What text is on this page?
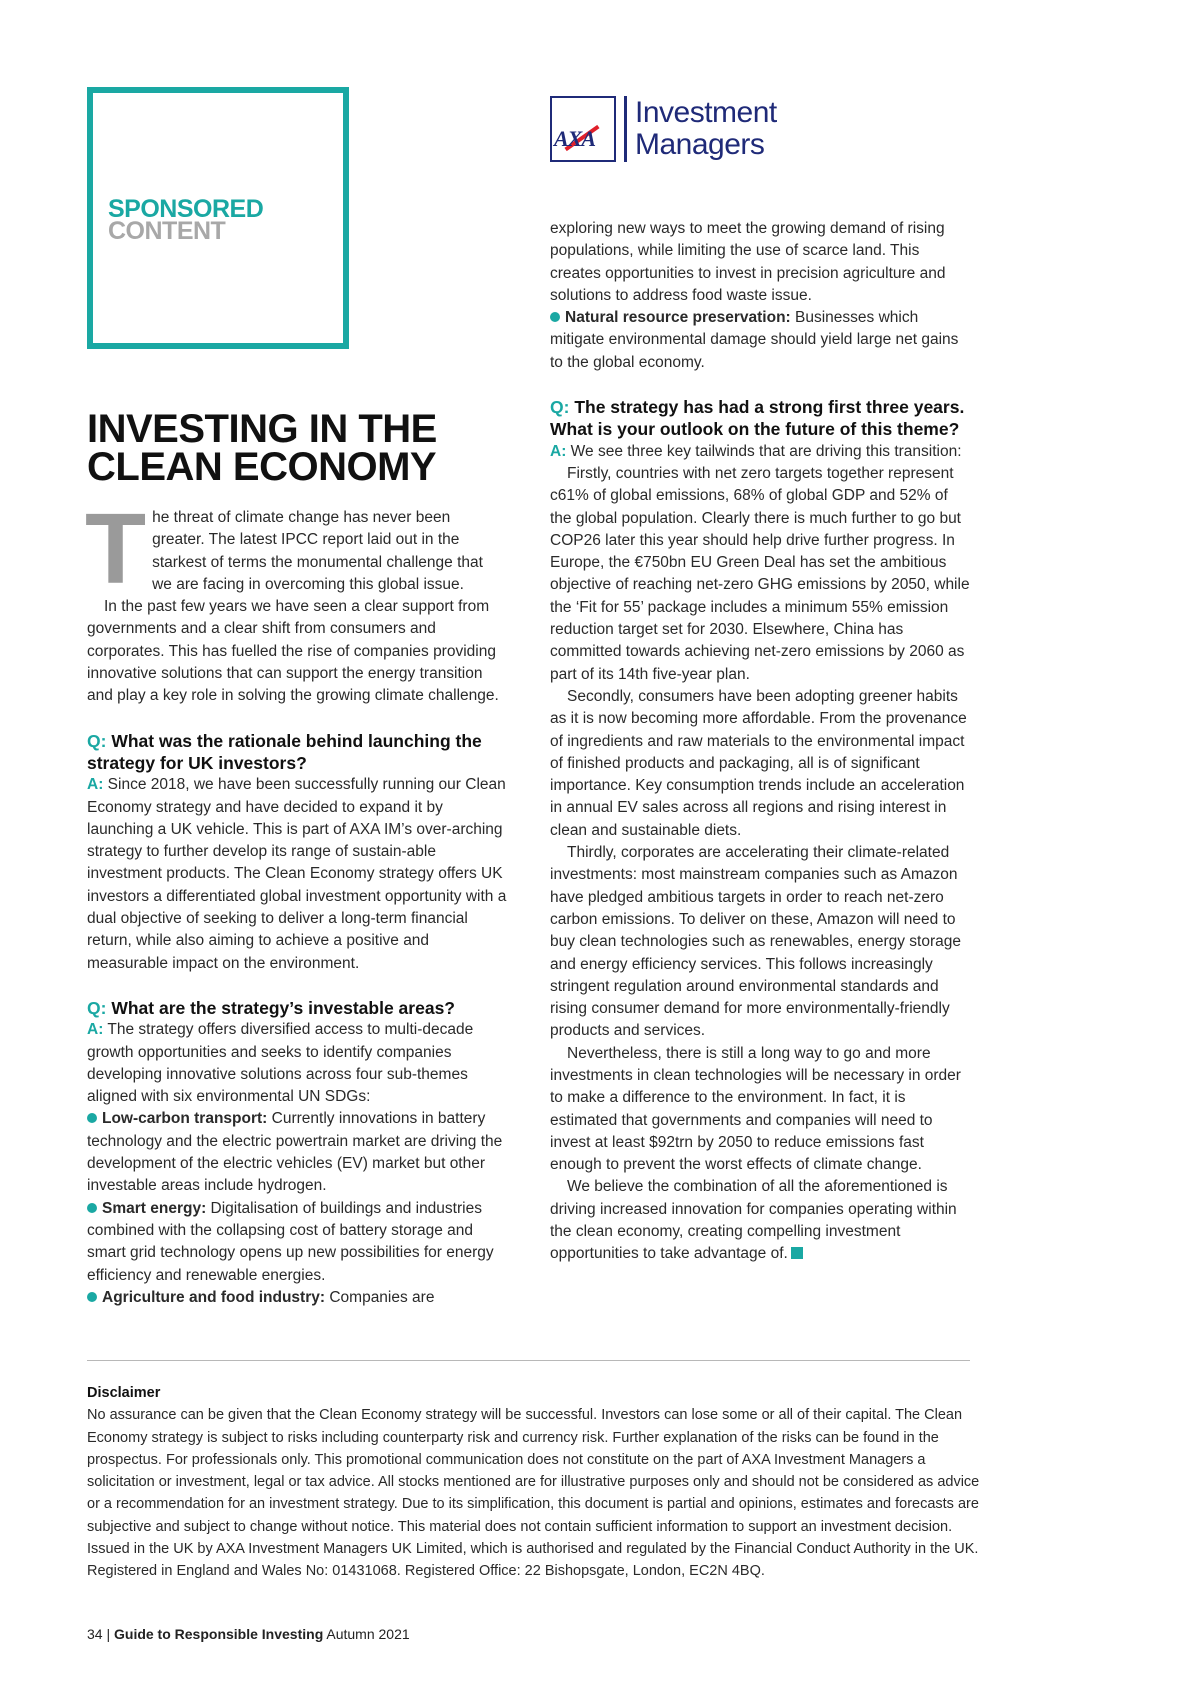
SPONSORED
CONTENT
AXA
Investment
Managers
INVESTING IN THE
CLEAN ECONOMY

The threat of climate change has never been greater. The latest IPCC report laid out in the starkest of terms the monumental challenge that we are facing in overcoming this global issue.

In the past few years we have seen a clear support from governments and a clear shift from consumers and corporates. This has fuelled the rise of companies providing innovative solutions that can support the energy transition and play a key role in solving the growing climate challenge.

Q: What was the rationale behind launching the strategy for UK investors?

A: Since 2018, we have been successfully running our Clean Economy strategy and have decided to expand it by launching a UK vehicle. This is part of AXA IM’s over-arching strategy to further develop its range of sustain-able investment products. The Clean Economy strategy offers UK investors a differentiated global investment opportunity with a dual objective of seeking to deliver a long-term financial return, while also aiming to achieve a positive and measurable impact on the environment.

Q: What are the strategy’s investable areas?

A: The strategy offers diversified access to multi-decade growth opportunities and seeks to identify companies developing innovative solutions across four sub-themes aligned with six environmental UN SDGs:

Low-carbon transport: Currently innovations in battery technology and the electric powertrain market are driving the development of the electric vehicles (EV) market but other investable areas include hydrogen.

Smart energy: Digitalisation of buildings and industries combined with the collapsing cost of battery storage and smart grid technology opens up new possibilities for energy efficiency and renewable energies.

Agriculture and food industry: Companies are

exploring new ways to meet the growing demand of rising populations, while limiting the use of scarce land. This creates opportunities to invest in precision agriculture and solutions to address food waste issue.

Natural resource preservation: Businesses which mitigate environmental damage should yield large net gains to the global economy.

Q: The strategy has had a strong first three years. What is your outlook on the future of this theme?

A: We see three key tailwinds that are driving this transition:

Firstly, countries with net zero targets together represent c61% of global emissions, 68% of global GDP and 52% of the global population. Clearly there is much further to go but COP26 later this year should help drive further progress. In Europe, the €750bn EU Green Deal has set the ambitious objective of reaching net-zero GHG emissions by 2050, while the ‘Fit for 55’ package includes a minimum 55% emission reduction target set for 2030. Elsewhere, China has committed towards achieving net-zero emissions by 2060 as part of its 14th five-year plan.

Secondly, consumers have been adopting greener habits as it is now becoming more affordable. From the provenance of ingredients and raw materials to the environmental impact of finished products and packaging, all is of significant importance. Key consumption trends include an acceleration in annual EV sales across all regions and rising interest in clean and sustainable diets.

Thirdly, corporates are accelerating their climate-related investments: most mainstream companies such as Amazon have pledged ambitious targets in order to reach net-zero carbon emissions. To deliver on these, Amazon will need to buy clean technologies such as renewables, energy storage and energy efficiency services. This follows increasingly stringent regulation around environmental standards and rising consumer demand for more environmentally-friendly products and services.

Nevertheless, there is still a long way to go and more investments in clean technologies will be necessary in order to make a difference to the environment. In fact, it is estimated that governments and companies will need to invest at least $92trn by 2050 to reduce emissions fast enough to prevent the worst effects of climate change.

We believe the combination of all the aforementioned is driving increased innovation for companies operating within the clean economy, creating compelling investment opportunities to take advantage of.

Disclaimer
No assurance can be given that the Clean Economy strategy will be successful. Investors can lose some or all of their capital. The Clean Economy strategy is subject to risks including counterparty risk and currency risk. Further explanation of the risks can be found in the prospectus. For professionals only. This promotional communication does not constitute on the part of AXA Investment Managers a solicitation or investment, legal or tax advice. All stocks mentioned are for illustrative purposes only and should not be considered as advice or a recommendation for an investment strategy. Due to its simplification, this document is partial and opinions, estimates and forecasts are subjective and subject to change without notice. This material does not contain sufficient information to support an investment decision. Issued in the UK by AXA Investment Managers UK Limited, which is authorised and regulated by the Financial Conduct Authority in the UK. Registered in England and Wales No: 01431068. Registered Office: 22 Bishopsgate, London, EC2N 4BQ.
34 | Guide to Responsible Investing Autumn 2021
